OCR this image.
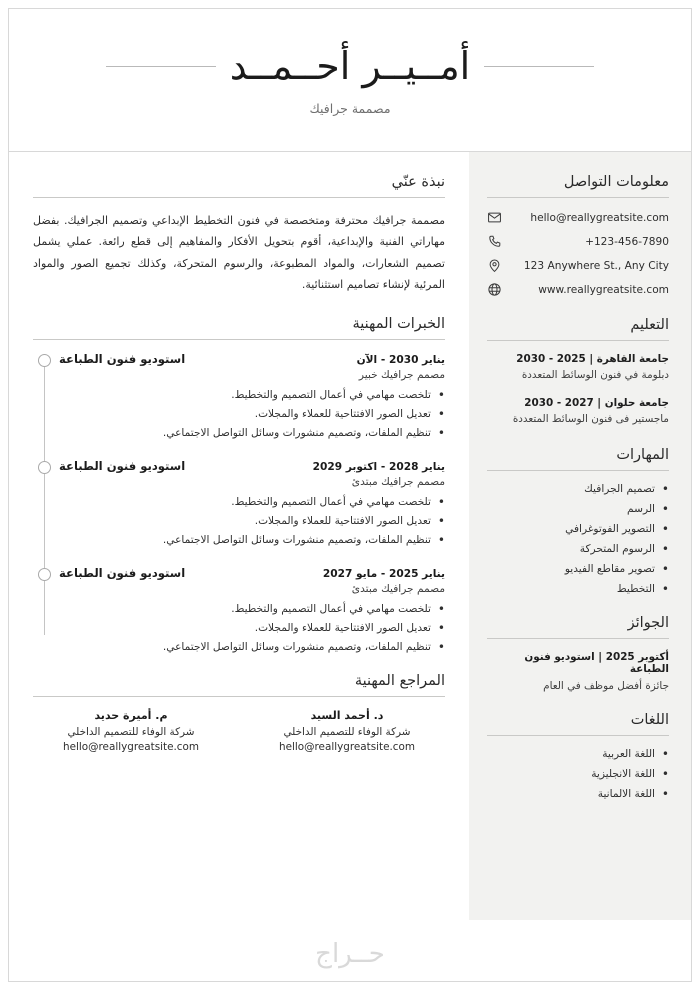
أمــيــر أحــمــد
مصممة جرافيك
معلومات التواصل
hello@reallygreatsite.com
+123-456-7890
123 Anywhere St., Any City
www.reallygreatsite.com
التعليم
جامعة القاهرة | 2025 - 2030
دبلومة في فنون الوسائط المتعددة
جامعة حلوان | 2027 - 2030
ماجستير فى فنون الوسائط المتعددة
المهارات
• تصميم الجرافيك
• الرسم
• التصوير الفوتوغرافي
• الرسوم المتحركة
• تصوير مقاطع الفيديو
• التخطيط
الجوائز
أكتوبر 2025 | استوديو فنون الطباعة
جائزة أفضل موظف في العام
اللغات
• اللغة العربية
• اللغة الانجليزية
• اللغة الالمانية
نبذة عنّي

مصممة جرافيك محترفة ومتخصصة في فنون التخطيط الإبداعي وتصميم الجرافيك. بفضل مهاراتي الفنية والإبداعية، أقوم بتحويل الأفكار والمفاهيم إلى قطع رائعة. عملي يشمل تصميم الشعارات، والمواد المطبوعة، والرسوم المتحركة، وكذلك تجميع الصور والمواد المرئية لإنشاء تصاميم استثنائية.

الخبرات المهنية
يناير 2030 - الآن
استوديو فنون الطباعة
مصمم جرافيك خبير
• تلخصت مهامي في أعمال التصميم والتخطيط.
• تعديل الصور الافتتاحية للعملاء والمجلات.
• تنظيم الملفات، وتصميم منشورات وسائل التواصل الاجتماعي.
يناير 2028 - اكتوبر 2029
استوديو فنون الطباعة
مصمم جرافيك مبتدئ
• تلخصت مهامي في أعمال التصميم والتخطيط.
• تعديل الصور الافتتاحية للعملاء والمجلات.
• تنظيم الملفات، وتصميم منشورات وسائل التواصل الاجتماعي.
يناير 2025 - مايو 2027
استوديو فنون الطباعة
مصمم جرافيك مبتدئ
• تلخصت مهامي في أعمال التصميم والتخطيط.
• تعديل الصور الافتتاحية للعملاء والمجلات.
• تنظيم الملفات، وتصميم منشورات وسائل التواصل الاجتماعي.
المراجع المهنية
د. أحمد السيد
شركة الوفاء للتصميم الداخلي
hello@reallygreatsite.com
م. أميرة حديد
شركة الوفاء للتصميم الداخلي
hello@reallygreatsite.com
حــراج
